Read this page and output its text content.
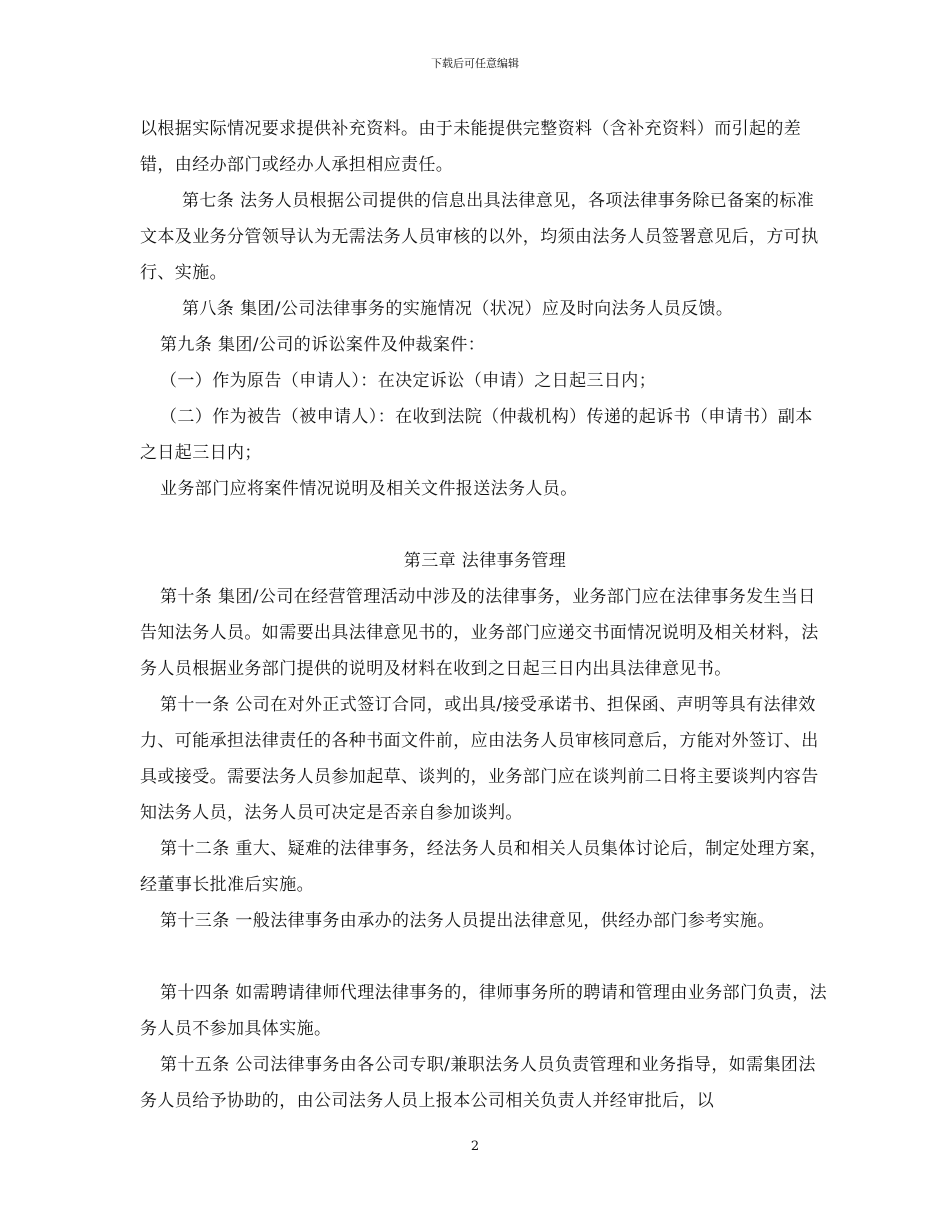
下载后可任意编辑

以根据实际情况要求提供补充资料。由于未能提供完整资料（含补充资料）而引起的差错，由经办部门或经办人承担相应责任。

第七条 法务人员根据公司提供的信息出具法律意见，各项法律事务除已备案的标准文本及业务分管领导认为无需法务人员审核的以外，均须由法务人员签署意见后，方可执行、实施。

第八条 集团/公司法律事务的实施情况（状况）应及时向法务人员反馈。

第九条 集团/公司的诉讼案件及仲裁案件：

（一）作为原告（申请人）：在决定诉讼（申请）之日起三日内；

（二）作为被告（被申请人）：在收到法院（仲裁机构）传递的起诉书（申请书）副本之日起三日内；

业务部门应将案件情况说明及相关文件报送法务人员。

第三章 法律事务管理

第十条 集团/公司在经营管理活动中涉及的法律事务，业务部门应在法律事务发生当日告知法务人员。如需要出具法律意见书的，业务部门应递交书面情况说明及相关材料，法务人员根据业务部门提供的说明及材料在收到之日起三日内出具法律意见书。

第十一条 公司在对外正式签订合同，或出具/接受承诺书、担保函、声明等具有法律效力、可能承担法律责任的各种书面文件前，应由法务人员审核同意后，方能对外签订、出具或接受。需要法务人员参加起草、谈判的，业务部门应在谈判前二日将主要谈判内容告知法务人员，法务人员可决定是否亲自参加谈判。

第十二条 重大、疑难的法律事务，经法务人员和相关人员集体讨论后，制定处理方案，经董事长批准后实施。

第十三条 一般法律事务由承办的法务人员提出法律意见，供经办部门参考实施。

第十四条 如需聘请律师代理法律事务的，律师事务所的聘请和管理由业务部门负责，法务人员不参加具体实施。

第十五条 公司法律事务由各公司专职/兼职法务人员负责管理和业务指导，如需集团法务人员给予协助的，由公司法务人员上报本公司相关负责人并经审批后，以

2
